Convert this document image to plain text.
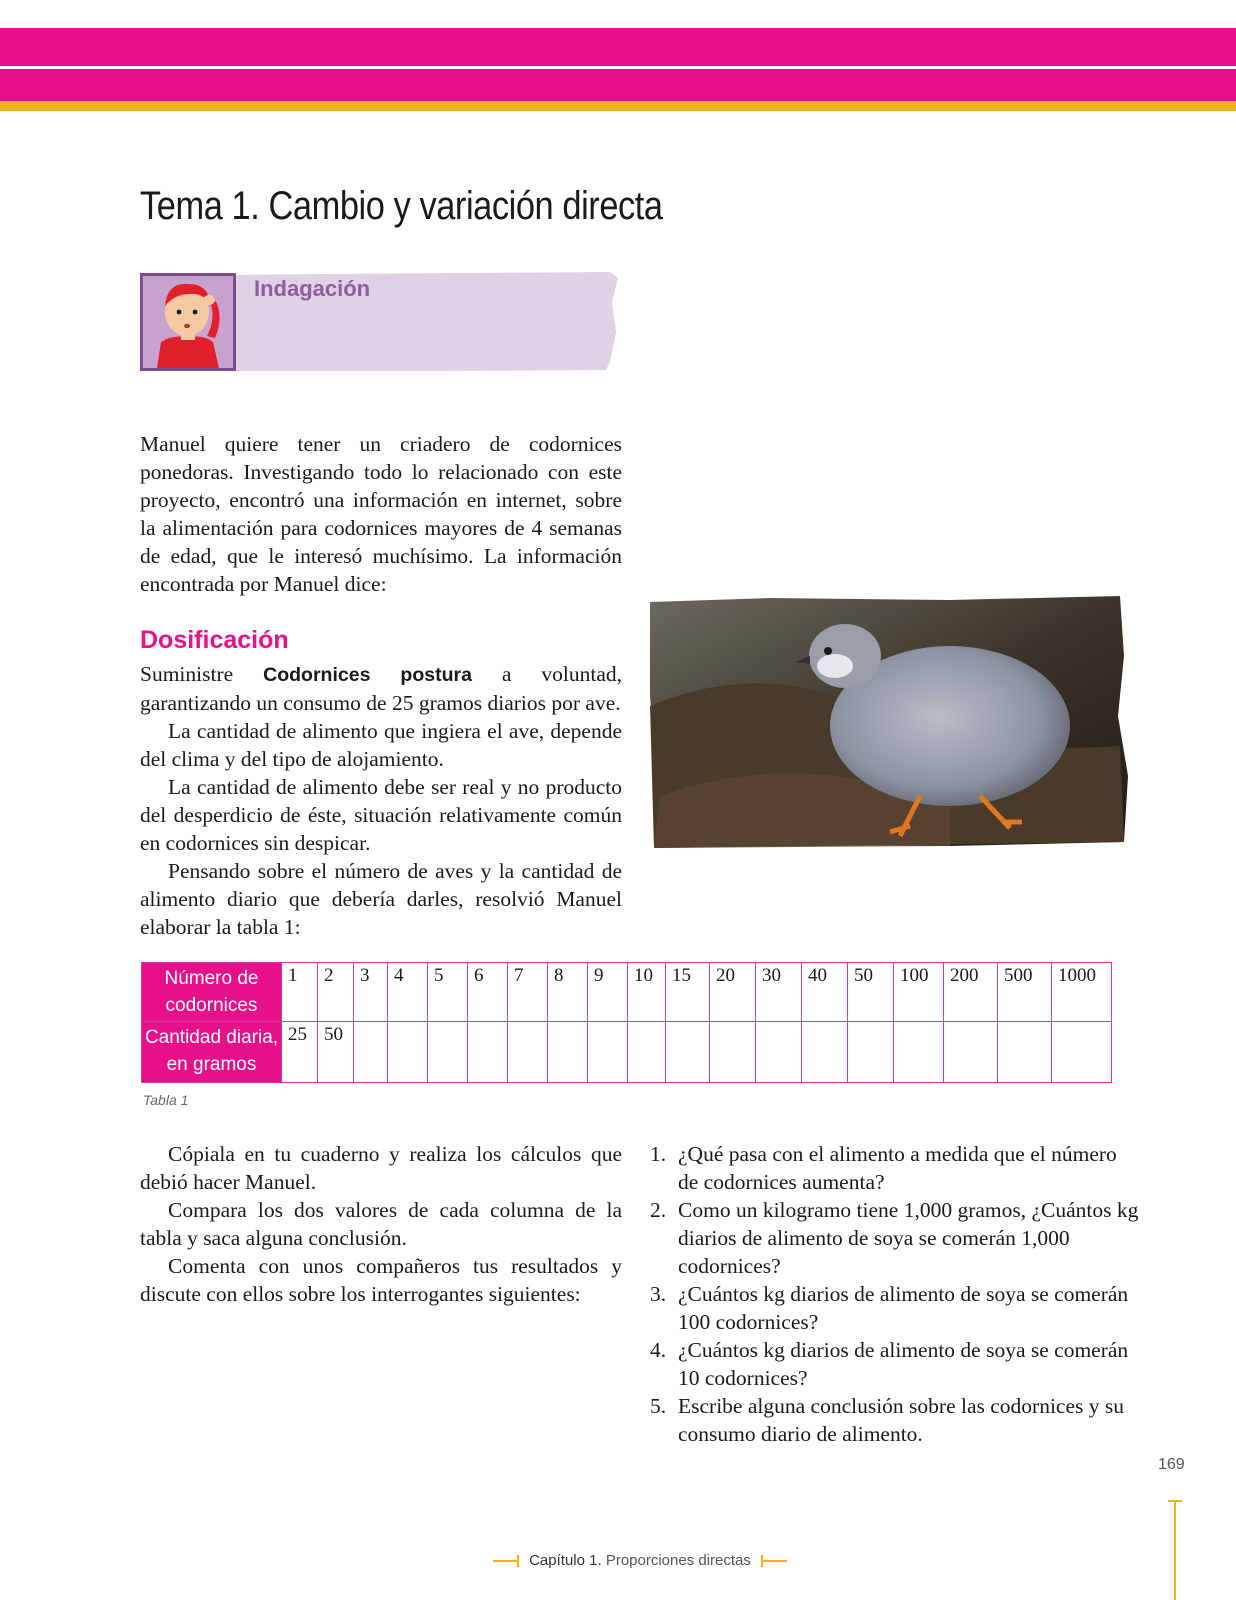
Tema 1. Cambio y variación directa
Indagación

Manuel quiere tener un criadero de codornices ponedoras. Investigando todo lo relacionado con este proyecto, encontró una información en internet, sobre la alimentación para codornices mayores de 4 semanas de edad, que le interesó muchísimo. La información encontrada por Manuel dice:

Dosificación

Suministre Codornices postura a voluntad, garantizando un consumo de 25 gramos diarios por ave.

La cantidad de alimento que ingiera el ave, depende del clima y del tipo de alojamiento.

La cantidad de alimento debe ser real y no producto del desperdicio de éste, situación relativamente común en codornices sin despicar.

Pensando sobre el número de aves y la cantidad de alimento diario que debería darles, resolvió Manuel elaborar la tabla 1:

Número de codornices	1	2	3	4	5	6	7	8	9	10	15	20	30	40	50	100	200	500	1000
Cantidad diaria, en gramos	25	50																	
Tabla 1

Cópiala en tu cuaderno y realiza los cálculos que debió hacer Manuel.

Compara los dos valores de cada columna de la tabla y saca alguna conclusión.

Comenta con unos compañeros tus resultados y discute con ellos sobre los interrogantes siguientes:

1. ¿Qué pasa con el alimento a medida que el número de codornices aumenta?
2. Como un kilogramo tiene 1,000 gramos, ¿Cuántos kg diarios de alimento de soya se comerán 1,000 codornices?
3. ¿Cuántos kg diarios de alimento de soya se comerán 100 codornices?
4. ¿Cuántos kg diarios de alimento de soya se comerán 10 codornices?
5. Escribe alguna conclusión sobre las codornices y su consumo diario de alimento.
169
Capítulo 1. Proporciones directas
